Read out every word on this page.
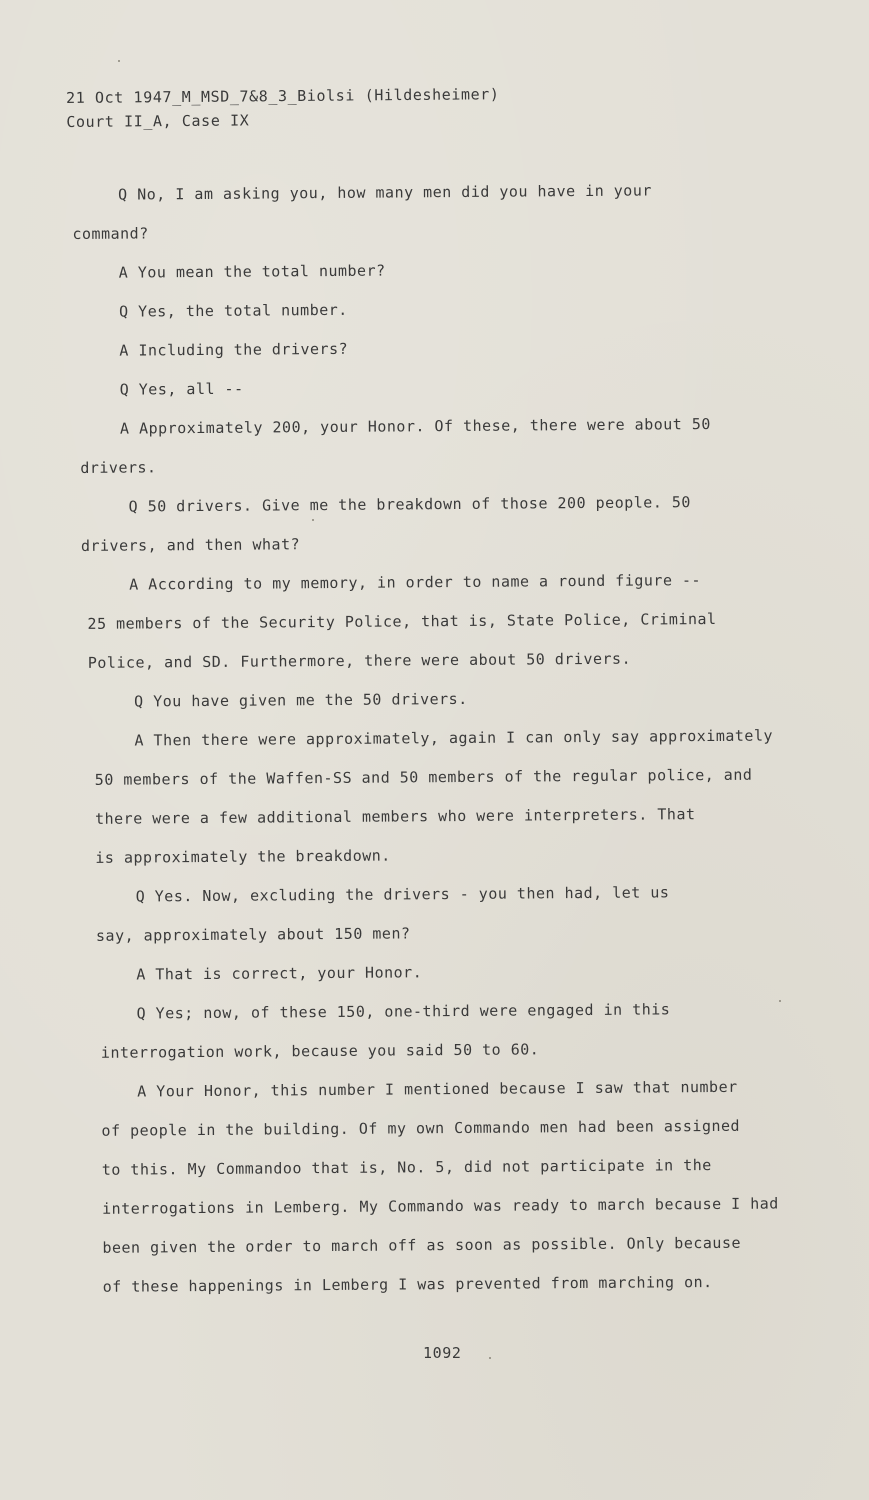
21 Oct 1947_M_MSD_7&8_3_Biolsi (Hildesheimer)
Court II_A, Case IX
Q No, I am asking you, how many men did you have in your
command?
A You mean the total number?
Q Yes, the total number.
A Including the drivers?
Q Yes, all --
A Approximately 200, your Honor. Of these, there were about 50
drivers.
Q 50 drivers. Give me the breakdown of those 200 people. 50
drivers, and then what?
A According to my memory, in order to name a round figure --
25 members of the Security Police, that is, State Police, Criminal
Police, and SD. Furthermore, there were about 50 drivers.
Q You have given me the 50 drivers.
A Then there were approximately, again I can only say approximately
50 members of the Waffen-SS and 50 members of the regular police, and
there were a few additional members who were interpreters. That
is approximately the breakdown.
Q Yes. Now, excluding the drivers - you then had, let us
say, approximately about 150 men?
A That is correct, your Honor.
Q Yes; now, of these 150, one-third were engaged in this
interrogation work, because you said 50 to 60.
A Your Honor, this number I mentioned because I saw that number
of people in the building. Of my own Commando men had been assigned
to this. My Commandoo that is, No. 5, did not participate in the
interrogations in Lemberg. My Commando was ready to march because I had
been given the order to march off as soon as possible. Only because
of these happenings in Lemberg I was prevented from marching on.
1092
